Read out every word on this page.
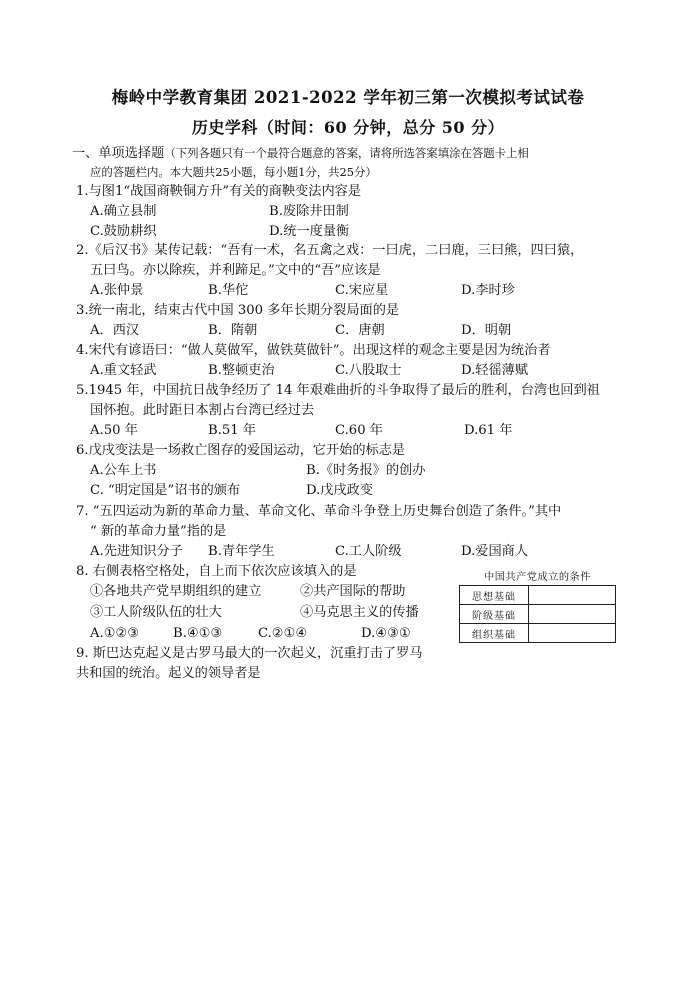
梅岭中学教育集团 2021-2022 学年初三第一次模拟考试试卷
历史学科（时间：60 分钟，总分 50 分）
一、单项选择题（下列各题只有一个最符合题意的答案，请将所选答案填涂在答题卡上相
应的答题栏内。本大题共25小题，每小题1分，共25分）
1.与图1“战国商鞅铜方升”有关的商鞅变法内容是
A.确立县制	B.废除井田制
C.鼓励耕织	D.统一度量衡
2.《后汉书》某传记载：“吾有一术，名五禽之戏：一曰虎，二曰鹿，三曰熊，四曰猿，
五曰鸟。亦以除疾，并利蹄足。”文中的“吾”应该是
A.张仲景	B.华佗	C.宋应星	D.李时珍
3.统一南北，结束古代中国 300 多年长期分裂局面的是
A．西汉	B．隋朝	C．唐朝	D．明朝
4.宋代有谚语曰：“做人莫做军，做铁莫做针”。出现这样的观念主要是因为统治者
A.重文轻武	B.整顿吏治	C.八股取士	D.轻徭薄赋
5.1945 年，中国抗日战争经历了 14 年艰难曲折的斗争取得了最后的胜利，台湾也回到祖
国怀抱。此时距日本割占台湾已经过去
A.50 年	B.51 年	C.60 年	D.61 年
6.戊戌变法是一场救亡图存的爱国运动，它开始的标志是
A.公车上书	B.《时务报》的创办
C. “明定国是”诏书的颁布	D.戊戌政变
7. “五四运动为新的革命力量、革命文化、革命斗争登上历史舞台创造了条件。”其中
“ 新的革命力量”指的是
A.先进知识分子 B.青年学生	C.工人阶级	D.爱国商人
8. 右侧表格空格处，自上而下依次应该填入的是
①各地共产党早期组织的建立	②共产国际的帮助
③工人阶级队伍的壮大	④马克思主义的传播
A.①②③	B.④①③	C.②①④	D.④③①
中国共产党成立的条件
思想基础	
阶级基础	
组织基础	
9. 斯巴达克起义是古罗马最大的一次起义，沉重打击了罗马
共和国的统治。起义的领导者是
